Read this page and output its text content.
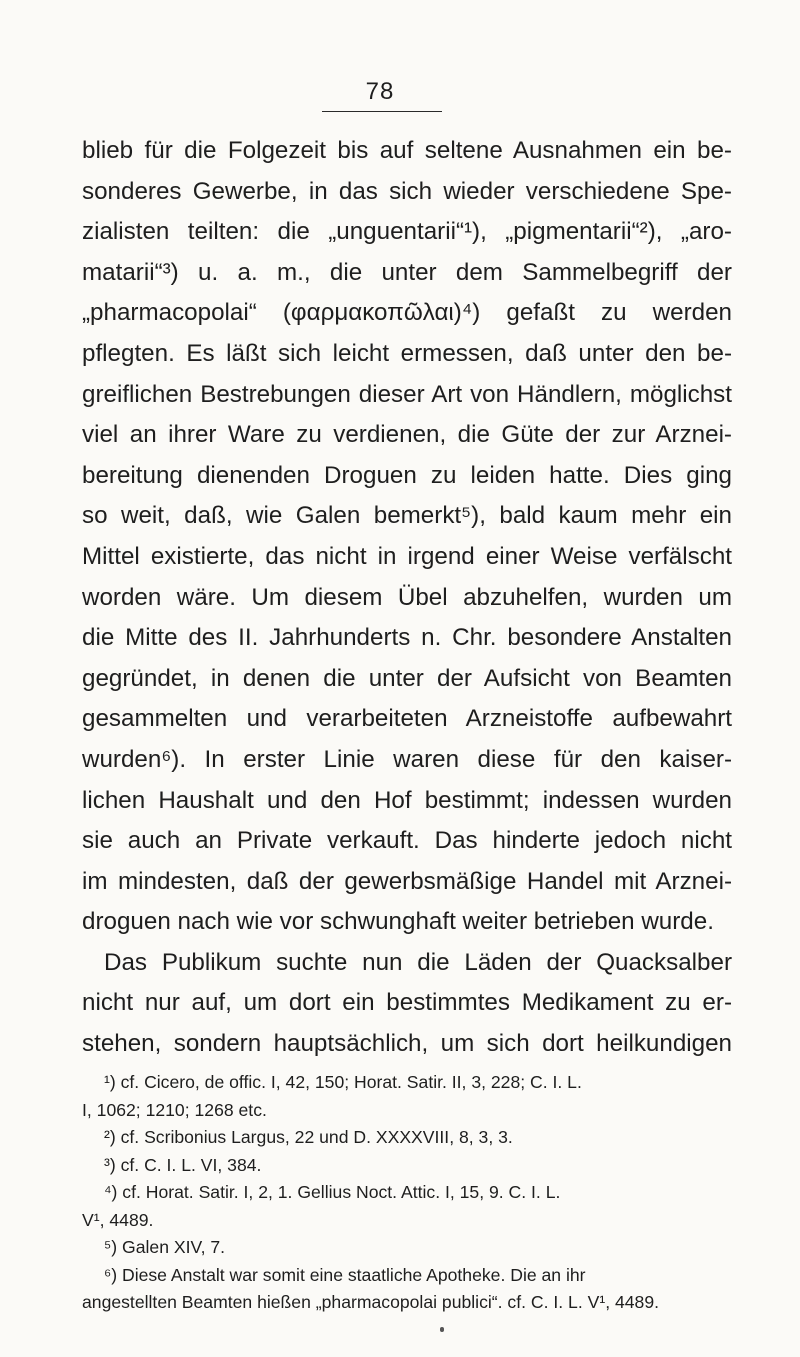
78
blieb für die Folgezeit bis auf seltene Ausnahmen ein be-
sonderes Gewerbe, in das sich wieder verschiedene Spe-
zialisten teilten: die „unguentarii“¹), „pigmentarii“²), „aro-
matarii“³) u. a. m., die unter dem Sammelbegriff der
„pharmacopolai“ (φαρμακοπῶλαι)⁴) gefaßt zu werden
pflegten. Es läßt sich leicht ermessen, daß unter den be-
greiflichen Bestrebungen dieser Art von Händlern, möglichst
viel an ihrer Ware zu verdienen, die Güte der zur Arznei-
bereitung dienenden Droguen zu leiden hatte. Dies ging
so weit, daß, wie Galen bemerkt⁵), bald kaum mehr ein
Mittel existierte, das nicht in irgend einer Weise verfälscht
worden wäre. Um diesem Übel abzuhelfen, wurden um
die Mitte des II. Jahrhunderts n. Chr. besondere Anstalten
gegründet, in denen die unter der Aufsicht von Beamten
gesammelten und verarbeiteten Arzneistoffe aufbewahrt
wurden⁶). In erster Linie waren diese für den kaiser-
lichen Haushalt und den Hof bestimmt; indessen wurden
sie auch an Private verkauft. Das hinderte jedoch nicht
im mindesten, daß der gewerbsmäßige Handel mit Arznei-
droguen nach wie vor schwunghaft weiter betrieben wurde.
Das Publikum suchte nun die Läden der Quacksalber
nicht nur auf, um dort ein bestimmtes Medikament zu er-
stehen, sondern hauptsächlich, um sich dort heilkundigen
¹) cf. Cicero, de offic. I, 42, 150; Horat. Satir. II, 3, 228; C. I. L.
I, 1062; 1210; 1268 etc.
²) cf. Scribonius Largus, 22 und D. XXXXVIII, 8, 3, 3.
³) cf. C. I. L. VI, 384.
⁴) cf. Horat. Satir. I, 2, 1. Gellius Noct. Attic. I, 15, 9. C. I. L.
V¹, 4489.
⁵) Galen XIV, 7.
⁶) Diese Anstalt war somit eine staatliche Apotheke. Die an ihr
angestellten Beamten hießen „pharmacopolai publici“. cf. C. I. L. V¹, 4489.
